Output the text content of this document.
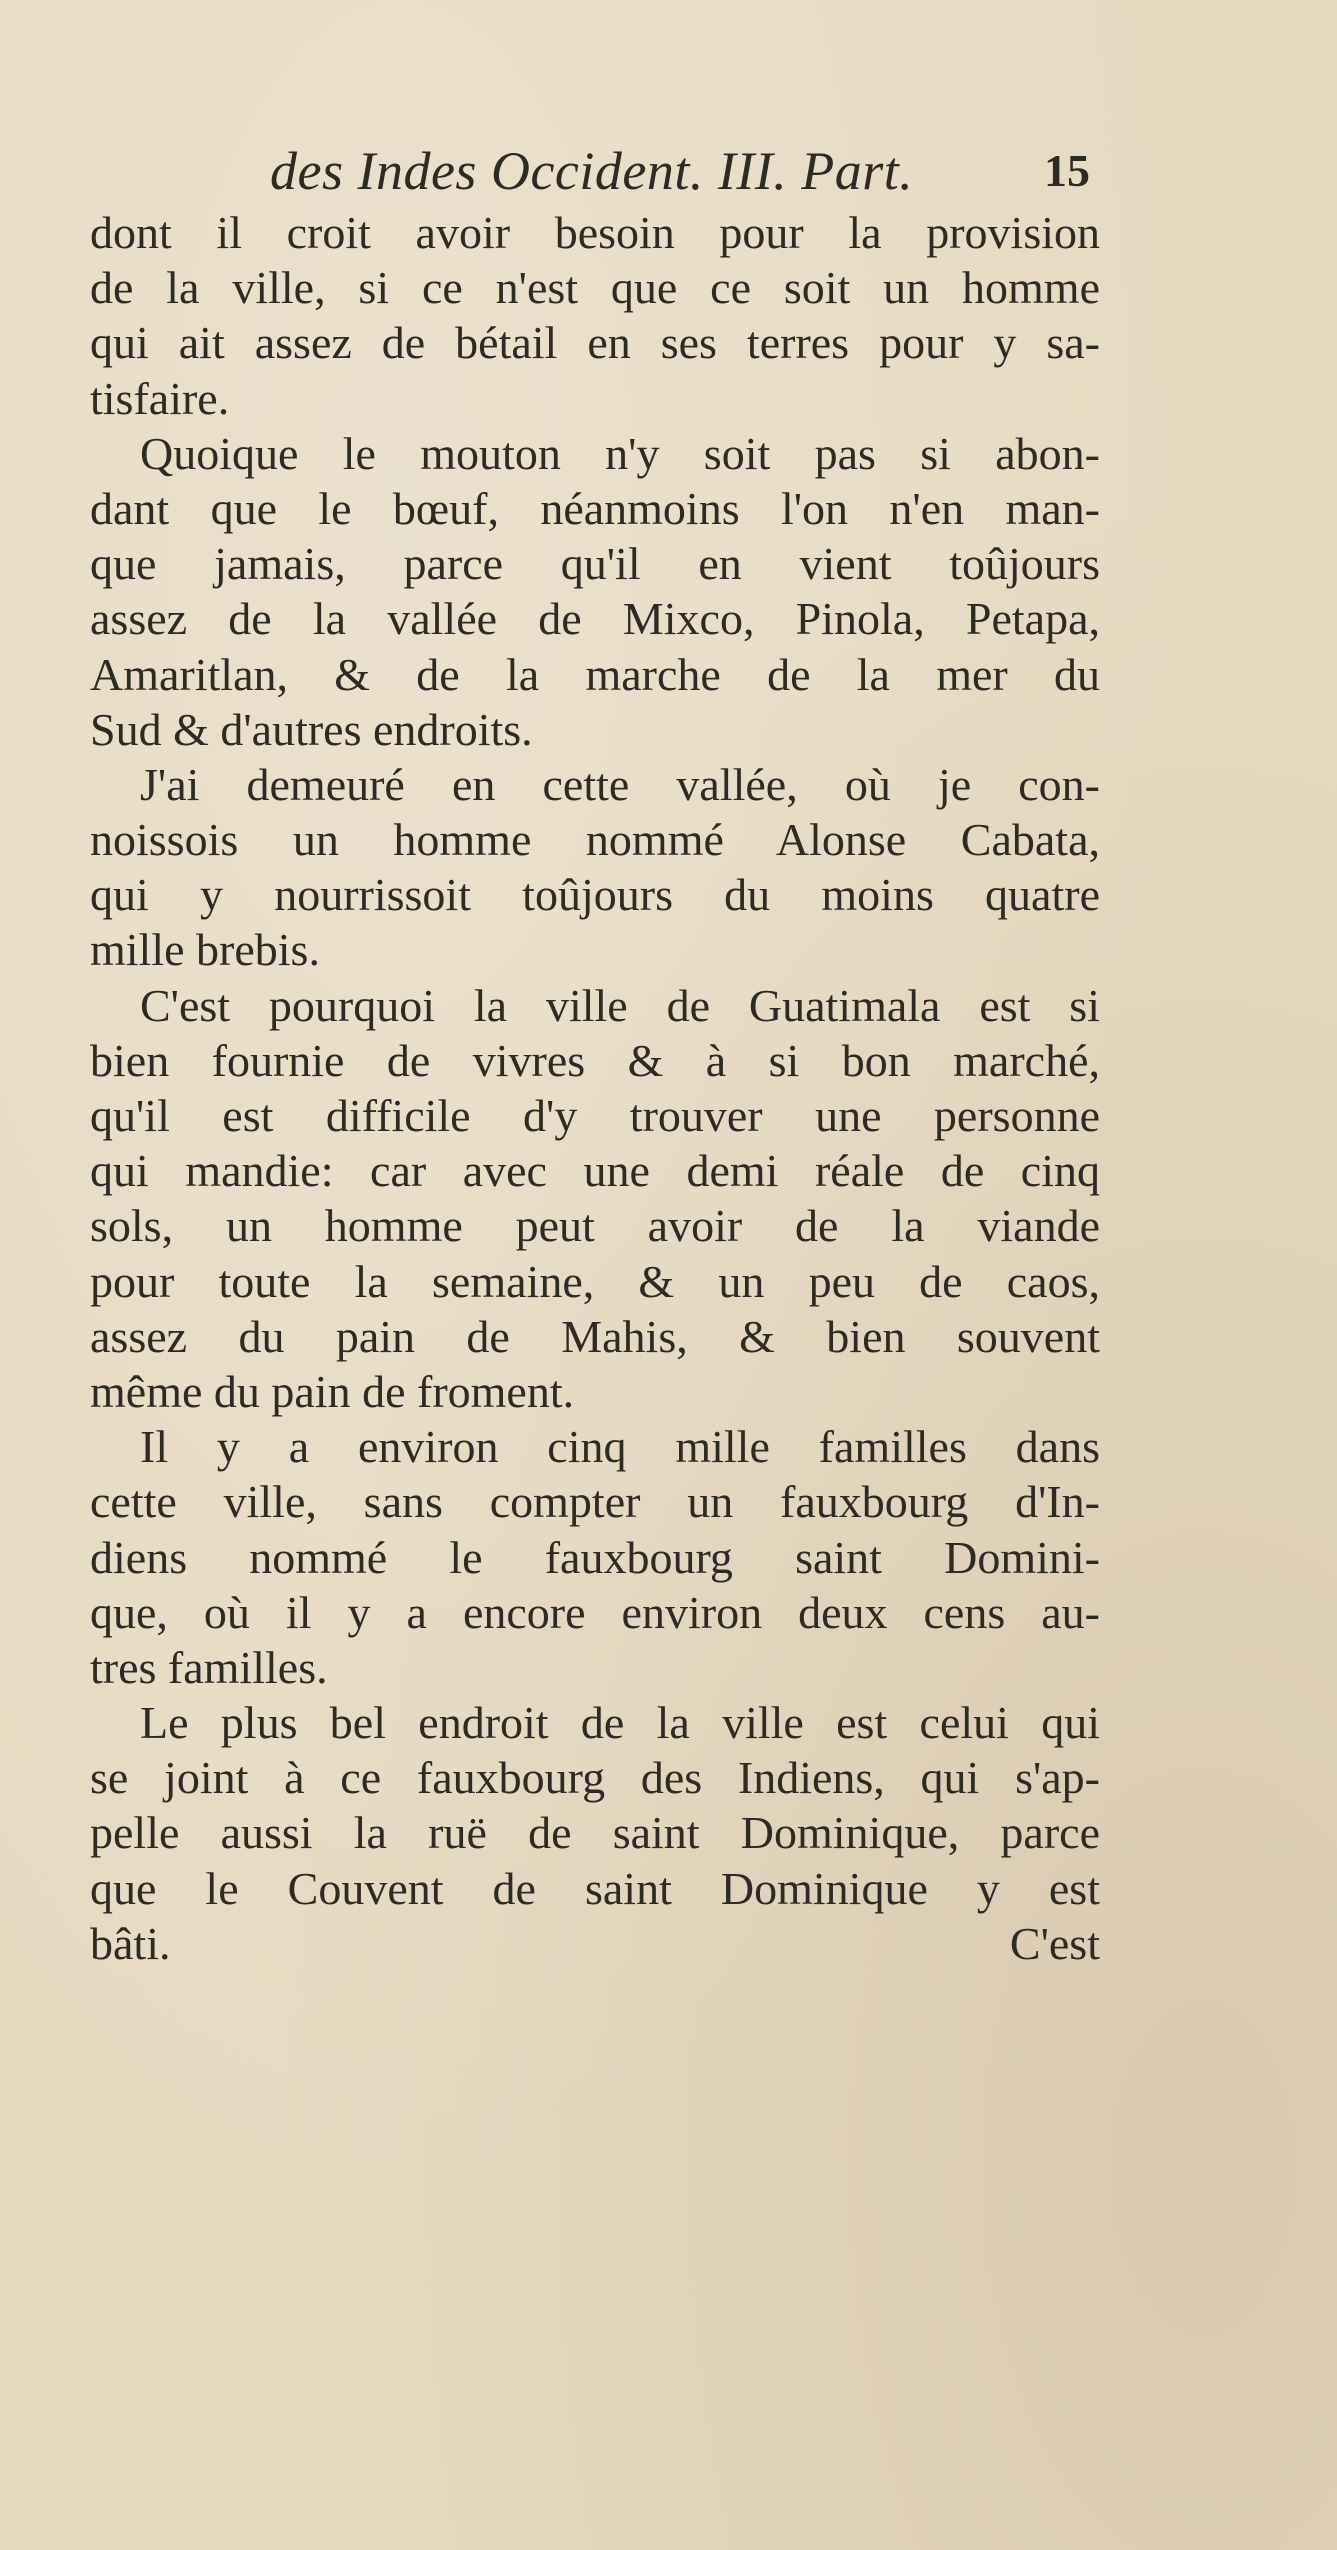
des Indes Occident. III. Part.	15
dont il croit avoir besoin pour la provision
de la ville, si ce n'est que ce soit un homme
qui ait assez de bétail en ses terres pour y sa-
tisfaire.
Quoique le mouton n'y soit pas si abon-
dant que le bœuf, néanmoins l'on n'en man-
que jamais, parce qu'il en vient toûjours
assez de la vallée de Mixco, Pinola, Petapa,
Amaritlan, & de la marche de la mer du
Sud & d'autres endroits.
J'ai demeuré en cette vallée, où je con-
noissois un homme nommé Alonse Cabata,
qui y nourrissoit toûjours du moins quatre
mille brebis.
C'est pourquoi la ville de Guatimala est si
bien fournie de vivres & à si bon marché,
qu'il est difficile d'y trouver une personne
qui mandie: car avec une demi réale de cinq
sols, un homme peut avoir de la viande
pour toute la semaine, & un peu de caos,
assez du pain de Mahis, & bien souvent
même du pain de froment.
Il y a environ cinq mille familles dans
cette ville, sans compter un fauxbourg d'In-
diens nommé le fauxbourg saint Domini-
que, où il y a encore environ deux cens au-
tres familles.
Le plus bel endroit de la ville est celui qui
se joint à ce fauxbourg des Indiens, qui s'ap-
pelle aussi la ruë de saint Dominique, parce
que le Couvent de saint Dominique y est
bâti.	C'est
